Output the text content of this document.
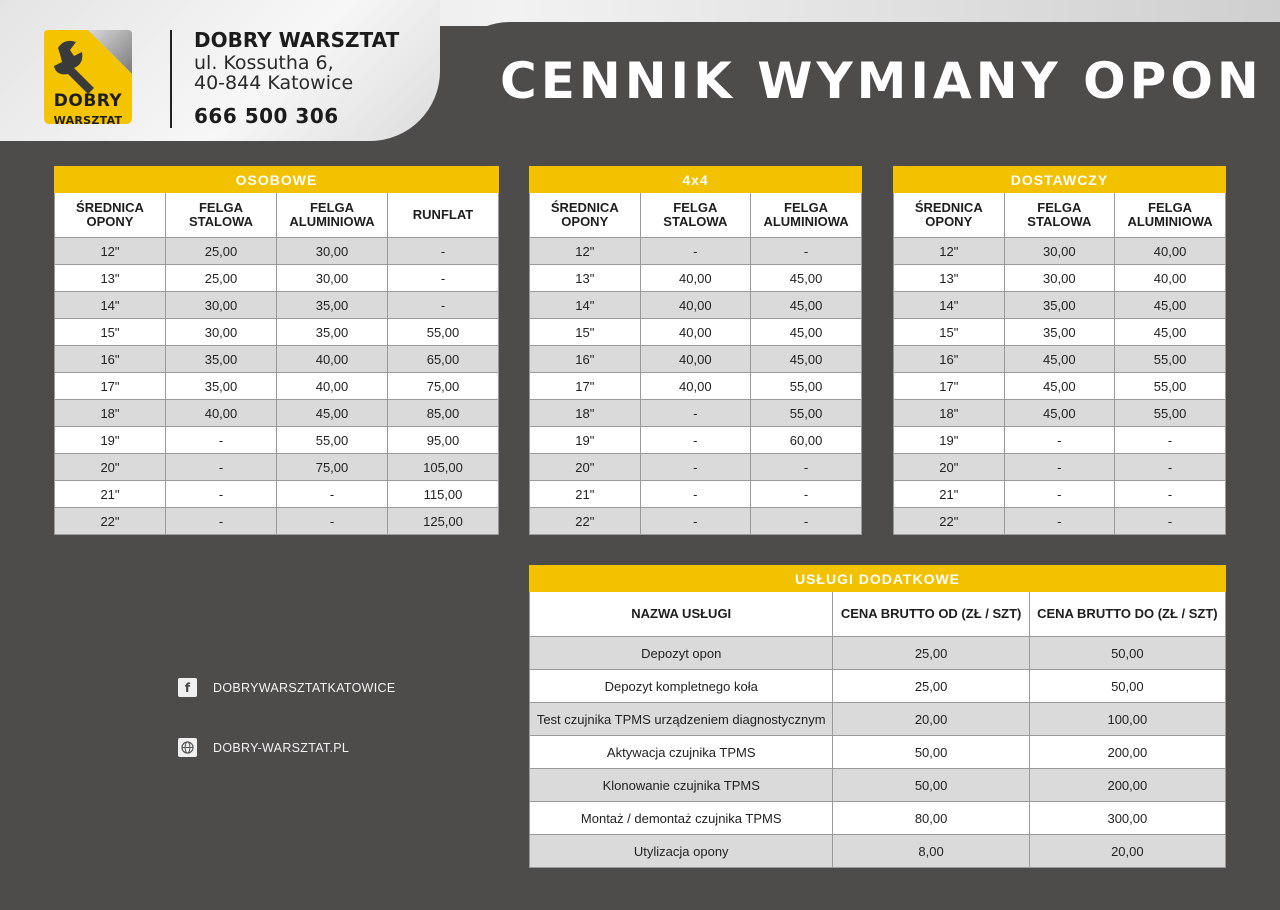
DOBRY
WARSZTAT
DOBRY WARSZTAT
ul. Kossutha 6,
40-844 Katowice
666 500 306
CENNIK WYMIANY OPON
OSOBOWE			
ŚREDNICA OPONY	FELGA STALOWA	FELGA ALUMINIOWA	RUNFLAT
12"	25,00	30,00	-
13"	25,00	30,00	-
14"	30,00	35,00	-
15"	30,00	35,00	55,00
16"	35,00	40,00	65,00
17"	35,00	40,00	75,00
18"	40,00	45,00	85,00
19"	-	55,00	95,00
20"	-	75,00	105,00
21"	-	-	115,00
22"	-	-	125,00
4x4		
ŚREDNICA OPONY	FELGA STALOWA	FELGA ALUMINIOWA
12"	-	-
13"	40,00	45,00
14"	40,00	45,00
15"	40,00	45,00
16"	40,00	45,00
17"	40,00	55,00
18"	-	55,00
19"	-	60,00
20"	-	-
21"	-	-
22"	-	-
DOSTAWCZY		
ŚREDNICA OPONY	FELGA STALOWA	FELGA ALUMINIOWA
12"	30,00	40,00
13"	30,00	40,00
14"	35,00	45,00
15"	35,00	45,00
16"	45,00	55,00
17"	45,00	55,00
18"	45,00	55,00
19"	-	-
20"	-	-
21"	-	-
22"	-	-
USŁUGI DODATKOWE		
NAZWA USŁUGI	CENA BRUTTO OD (ZŁ / SZT)	CENA BRUTTO DO (ZŁ / SZT)
Depozyt opon	25,00	50,00
Depozyt kompletnego koła	25,00	50,00
Test czujnika TPMS urządzeniem diagnostycznym	20,00	100,00
Aktywacja czujnika TPMS	50,00	200,00
Klonowanie czujnika TPMS	50,00	200,00
Montaż / demontaż czujnika TPMS	80,00	300,00
Utylizacja opony	8,00	20,00
f	DOBRYWARSZTATKATOWICE
DOBRY-WARSZTAT.PL
